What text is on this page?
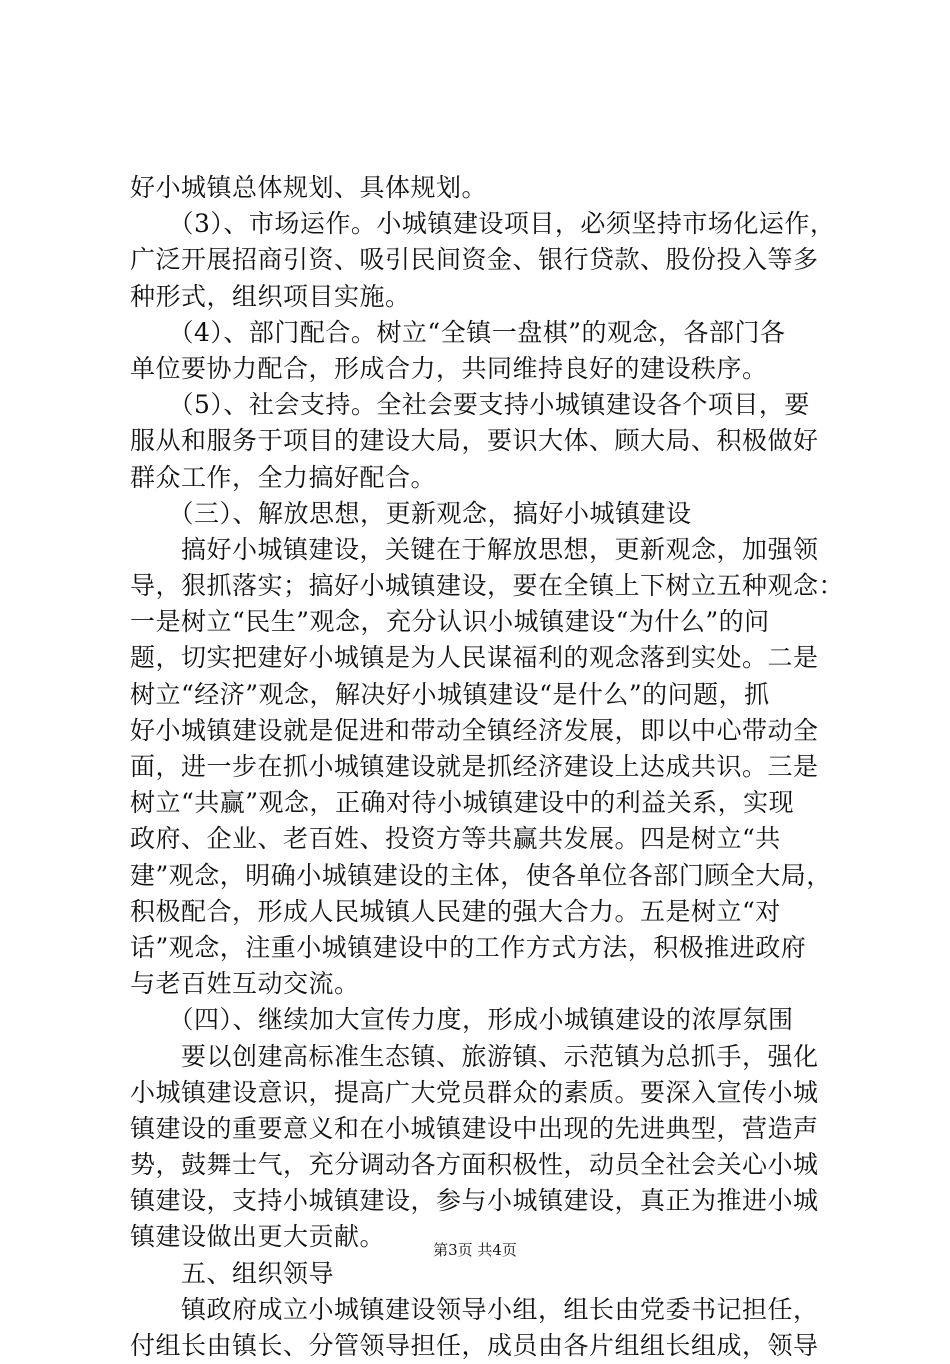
好小城镇总体规划、具体规划。
　　（3）、市场运作。小城镇建设项目，必须坚持市场化运作，
广泛开展招商引资、吸引民间资金、银行贷款、股份投入等多
种形式，组织项目实施。
　　（4）、部门配合。树立“全镇一盘棋”的观念，各部门各
单位要协力配合，形成合力，共同维持良好的建设秩序。
　　（5）、社会支持。全社会要支持小城镇建设各个项目，要
服从和服务于项目的建设大局，要识大体、顾大局、积极做好
群众工作，全力搞好配合。
　　（三）、解放思想，更新观念，搞好小城镇建设
　　搞好小城镇建设，关键在于解放思想，更新观念，加强领
导，狠抓落实；搞好小城镇建设，要在全镇上下树立五种观念：
一是树立“民生”观念，充分认识小城镇建设“为什么”的问
题，切实把建好小城镇是为人民谋福利的观念落到实处。二是
树立“经济”观念，解决好小城镇建设“是什么”的问题，抓
好小城镇建设就是促进和带动全镇经济发展，即以中心带动全
面，进一步在抓小城镇建设就是抓经济建设上达成共识。三是
树立“共赢”观念，正确对待小城镇建设中的利益关系，实现
政府、企业、老百姓、投资方等共赢共发展。四是树立“共
建”观念，明确小城镇建设的主体，使各单位各部门顾全大局，
积极配合，形成人民城镇人民建的强大合力。五是树立“对
话”观念，注重小城镇建设中的工作方式方法，积极推进政府
与老百姓互动交流。
　　（四）、继续加大宣传力度，形成小城镇建设的浓厚氛围
　　要以创建高标准生态镇、旅游镇、示范镇为总抓手，强化
小城镇建设意识，提高广大党员群众的素质。要深入宣传小城
镇建设的重要意义和在小城镇建设中出现的先进典型，营造声
势，鼓舞士气，充分调动各方面积极性，动员全社会关心小城
镇建设，支持小城镇建设，参与小城镇建设，真正为推进小城
镇建设做出更大贡献。
　　五、组织领导
　　镇政府成立小城镇建设领导小组，组长由党委书记担任，
付组长由镇长、分管领导担任，成员由各片组组长组成，领导
第3页 共4页
